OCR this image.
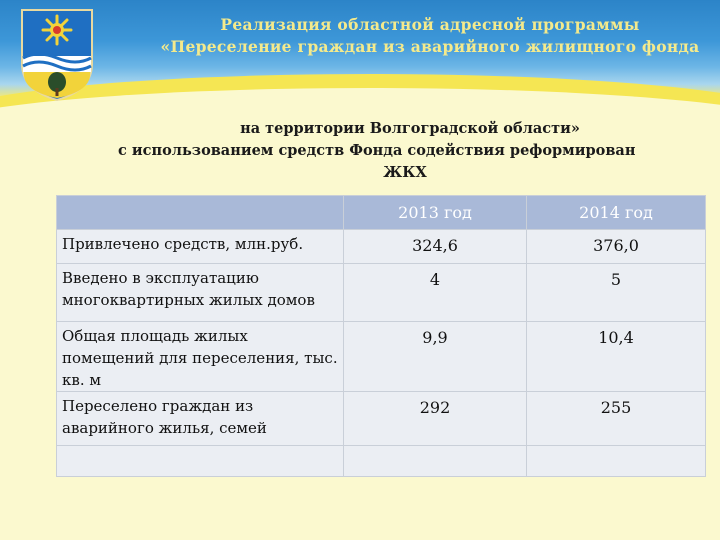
Реализация областной адресной программы
«Переселение граждан из аварийного жилищного фонда
на территории Волгоградской области»
с использованием средств Фонда содействия реформирован
ЖКХ
	2013 год	2014 год
Привлечено средств, млн.руб.	324,6	376,0
Введено в эксплуатацию многоквартирных жилых домов	4	5
Общая площадь жилых помещений для переселения, тыс. кв. м	9,9	10,4
Переселено граждан из аварийного жилья, семей	292	255
